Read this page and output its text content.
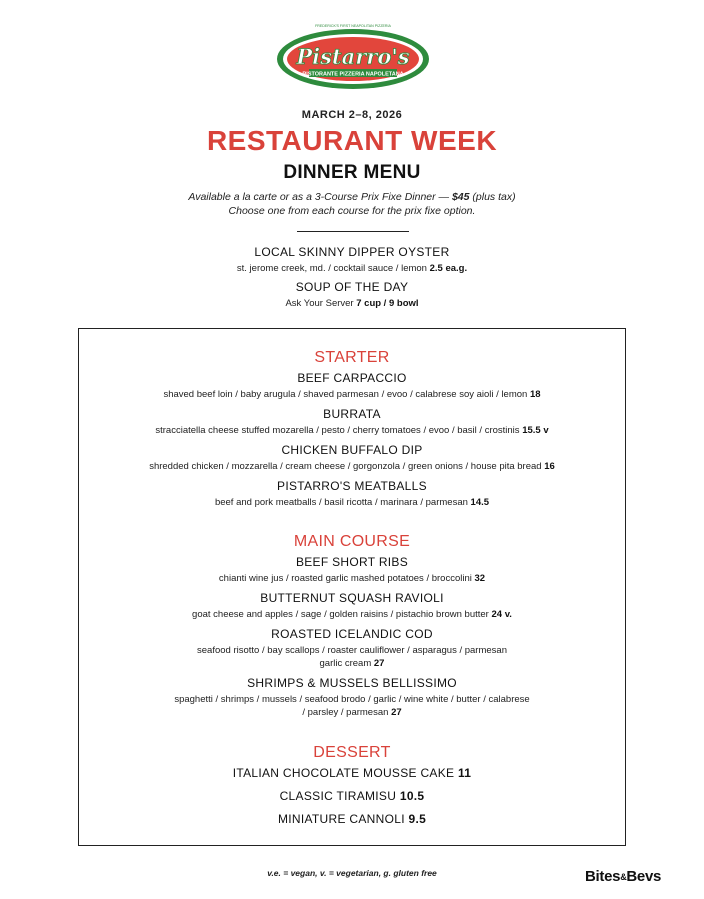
Pistarro's
RISTORANTE PIZZERIA NAPOLETANA
FREDERICK'S FIRST NEAPOLITAN PIZZERIA
MARCH 2–8, 2026
RESTAURANT WEEK
DINNER MENU
Available a la carte or as a 3-Course Prix Fixe Dinner — $45 (plus tax)
Choose one from each course for the prix fixe option.
LOCAL SKINNY DIPPER OYSTER
st. jerome creek, md. / cocktail sauce / lemon 2.5 ea.g.
SOUP OF THE DAY
Ask Your Server 7 cup / 9 bowl
STARTER
BEEF CARPACCIO
shaved beef loin / baby arugula / shaved parmesan / evoo / calabrese soy aioli / lemon 18
BURRATA
stracciatella cheese stuffed mozarella / pesto / cherry tomatoes / evoo / basil / crostinis 15.5 v
CHICKEN BUFFALO DIP
shredded chicken / mozzarella / cream cheese / gorgonzola / green onions / house pita bread 16
PISTARRO'S MEATBALLS
beef and pork meatballs / basil ricotta / marinara / parmesan 14.5
MAIN COURSE
BEEF SHORT RIBS
chianti wine jus / roasted garlic mashed potatoes / broccolini 32
BUTTERNUT SQUASH RAVIOLI
goat cheese and apples / sage / golden raisins / pistachio brown butter 24 v.
ROASTED ICELANDIC COD
seafood risotto / bay scallops / roaster cauliflower / asparagus / parmesan
garlic cream 27
SHRIMPS & MUSSELS BELLISSIMO
spaghetti / shrimps / mussels / seafood brodo / garlic / wine white / butter / calabrese
/ parsley / parmesan 27
DESSERT
ITALIAN CHOCOLATE MOUSSE CAKE 11
CLASSIC TIRAMISU 10.5
MINIATURE CANNOLI 9.5
v.e. = vegan, v. = vegetarian, g. gluten free	Bites&Bevs
